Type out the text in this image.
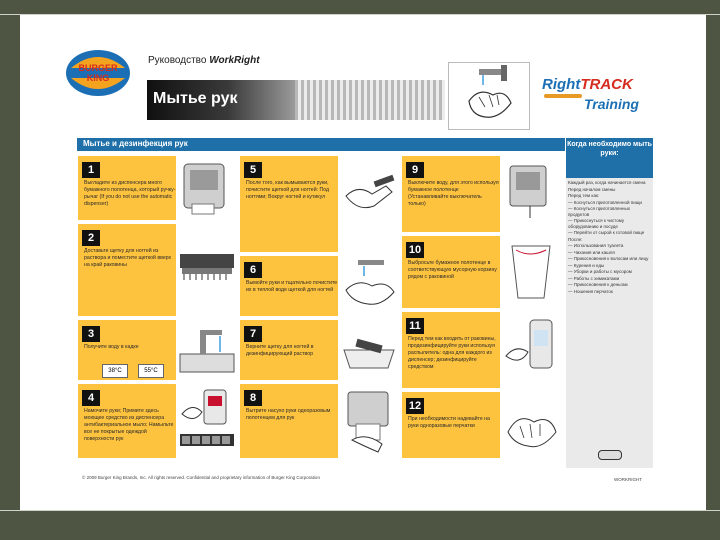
BURGER
KING
Руководство WorkRight
Мытье рук
RightTRACK
Training
Мытье и дезинфекция рук
1
Выгладите из диспенсера много бумажного полотенца, который ручку-рычаг (If you do not use the automatic dispenser)
2
Доставьте щетку для ногтей из раствора и поместите щеткой вверх на край раковины
3
Получите воду в кадке
38°C	55°C
4
Намочите руки; Примите здесь моющее средство из диспенсера антибактериальное мыло; Намыльте все не покрытые одеждой поверхности рук
5
После того, как вымываются руки, почистите щеткой для ногтей: Под ногтями; Вокруг ногтей и кутикул
6
Вымойте руки и тщательно почистите их в теплой воде щеткой для ногтей
7
Верните щетку для ногтей в дезинфицирующий раствор
8
Вытрите насухо руки одноразовым полотенцем для рук
9
Выключите воду, для этого используя бумажное полотенце (Устанавливайте выключатель только)
10
Выбросьте бумажное полотенце в соответствующую мусорную корзину рядом с раковиной
11
Перед тем как входить от раковины, продезинфицируйте руки используя распылитель: одна для каждого из диспенсер; дезинфицируйте средством
12
При необходимости надевайте на руки одноразовые перчатки
Когда необходимо мыть руки:
Каждый раз, когда начинается смена
Перед началом смены
Перед тем как:
— Коснуться приготовленной пищи
— Коснуться приготовленных продуктов
— Прикоснуться к чистому оборудованию и посуде
— Перейти от сырой к готовой пище
После:
— Использования туалета
— Чихания или кашля
— Прикосновения к волосам или лицу
— Курения и еды
— Уборки и работы с мусором
— Работы с химикатами
— Прикосновения к деньгам
— Ношения перчаток
© 2009 Burger King Brands, Inc. All rights reserved. Confidential and proprietary information of Burger King Corporation	WORKRIGHT
